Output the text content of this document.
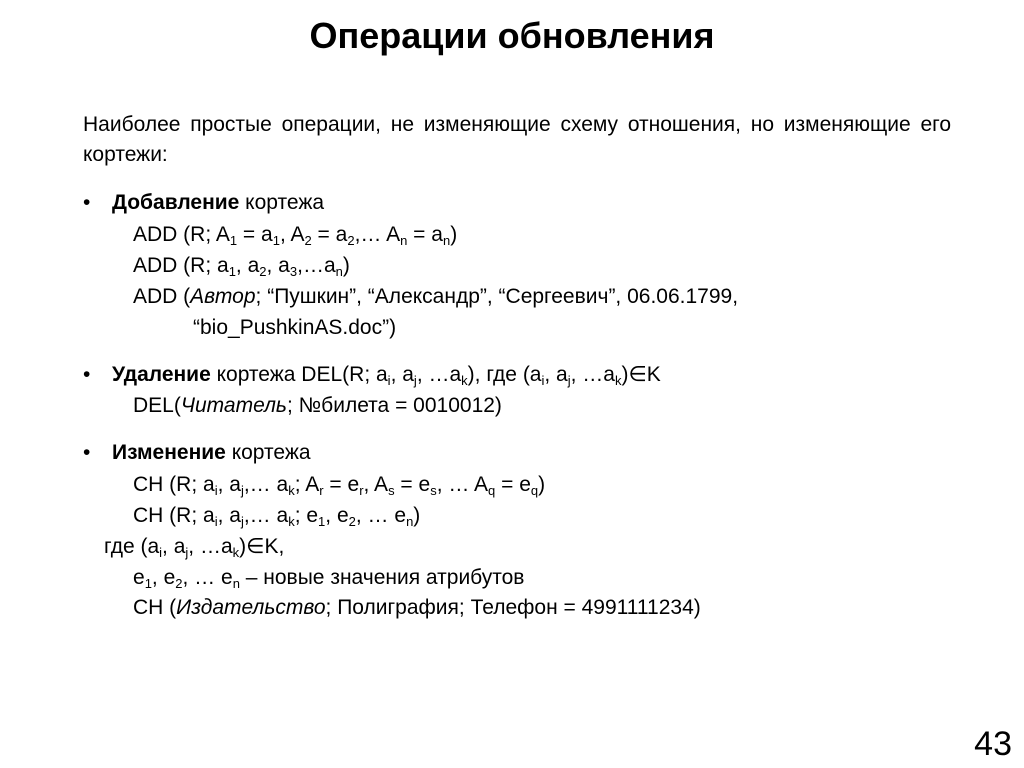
Операции обновления
Наиболее простые операции, не изменяющие схему отношения, но изменяющие его кортежи:
• Добавление кортежа
ADD (R; $A_1 = a_1$, $A_2$ = $a_2,\dots$ $A_n = a_n$)
ADD (R; $a_1$, $a_2$, $a_3,\dots a_n$)
ADD (Автор; “Пушкин”, “Александр”, “Сергеевич”, 06.06.1799,
“bio_PushkinAS.doc”)
• Удаление кортежа DEL(R; $a_i$, $a_j$, $\dots a_k$), где ($a_i$, $a_j$, $\dots a_k)\in K$
DEL(Читатель; №билета = 0010012)
• Изменение кортежа
CH (R; $a_i$, $a_j,\dots$ $a_k$; $A_r = e_r$, $A_s = e_s$, … $A_q = e_q$)
CH (R; $a_i$, $a_j,\dots$ $a_k$; $e_1$, $e_2$, … $e_n$)
где ($a_i$, $a_j$, $\dots a_k)\in K$,
$e_1$, $e_2$, … $e_n$ – новые значения атрибутов
CH (Издательство; Полиграфия; Телефон = 4991111234)
43
